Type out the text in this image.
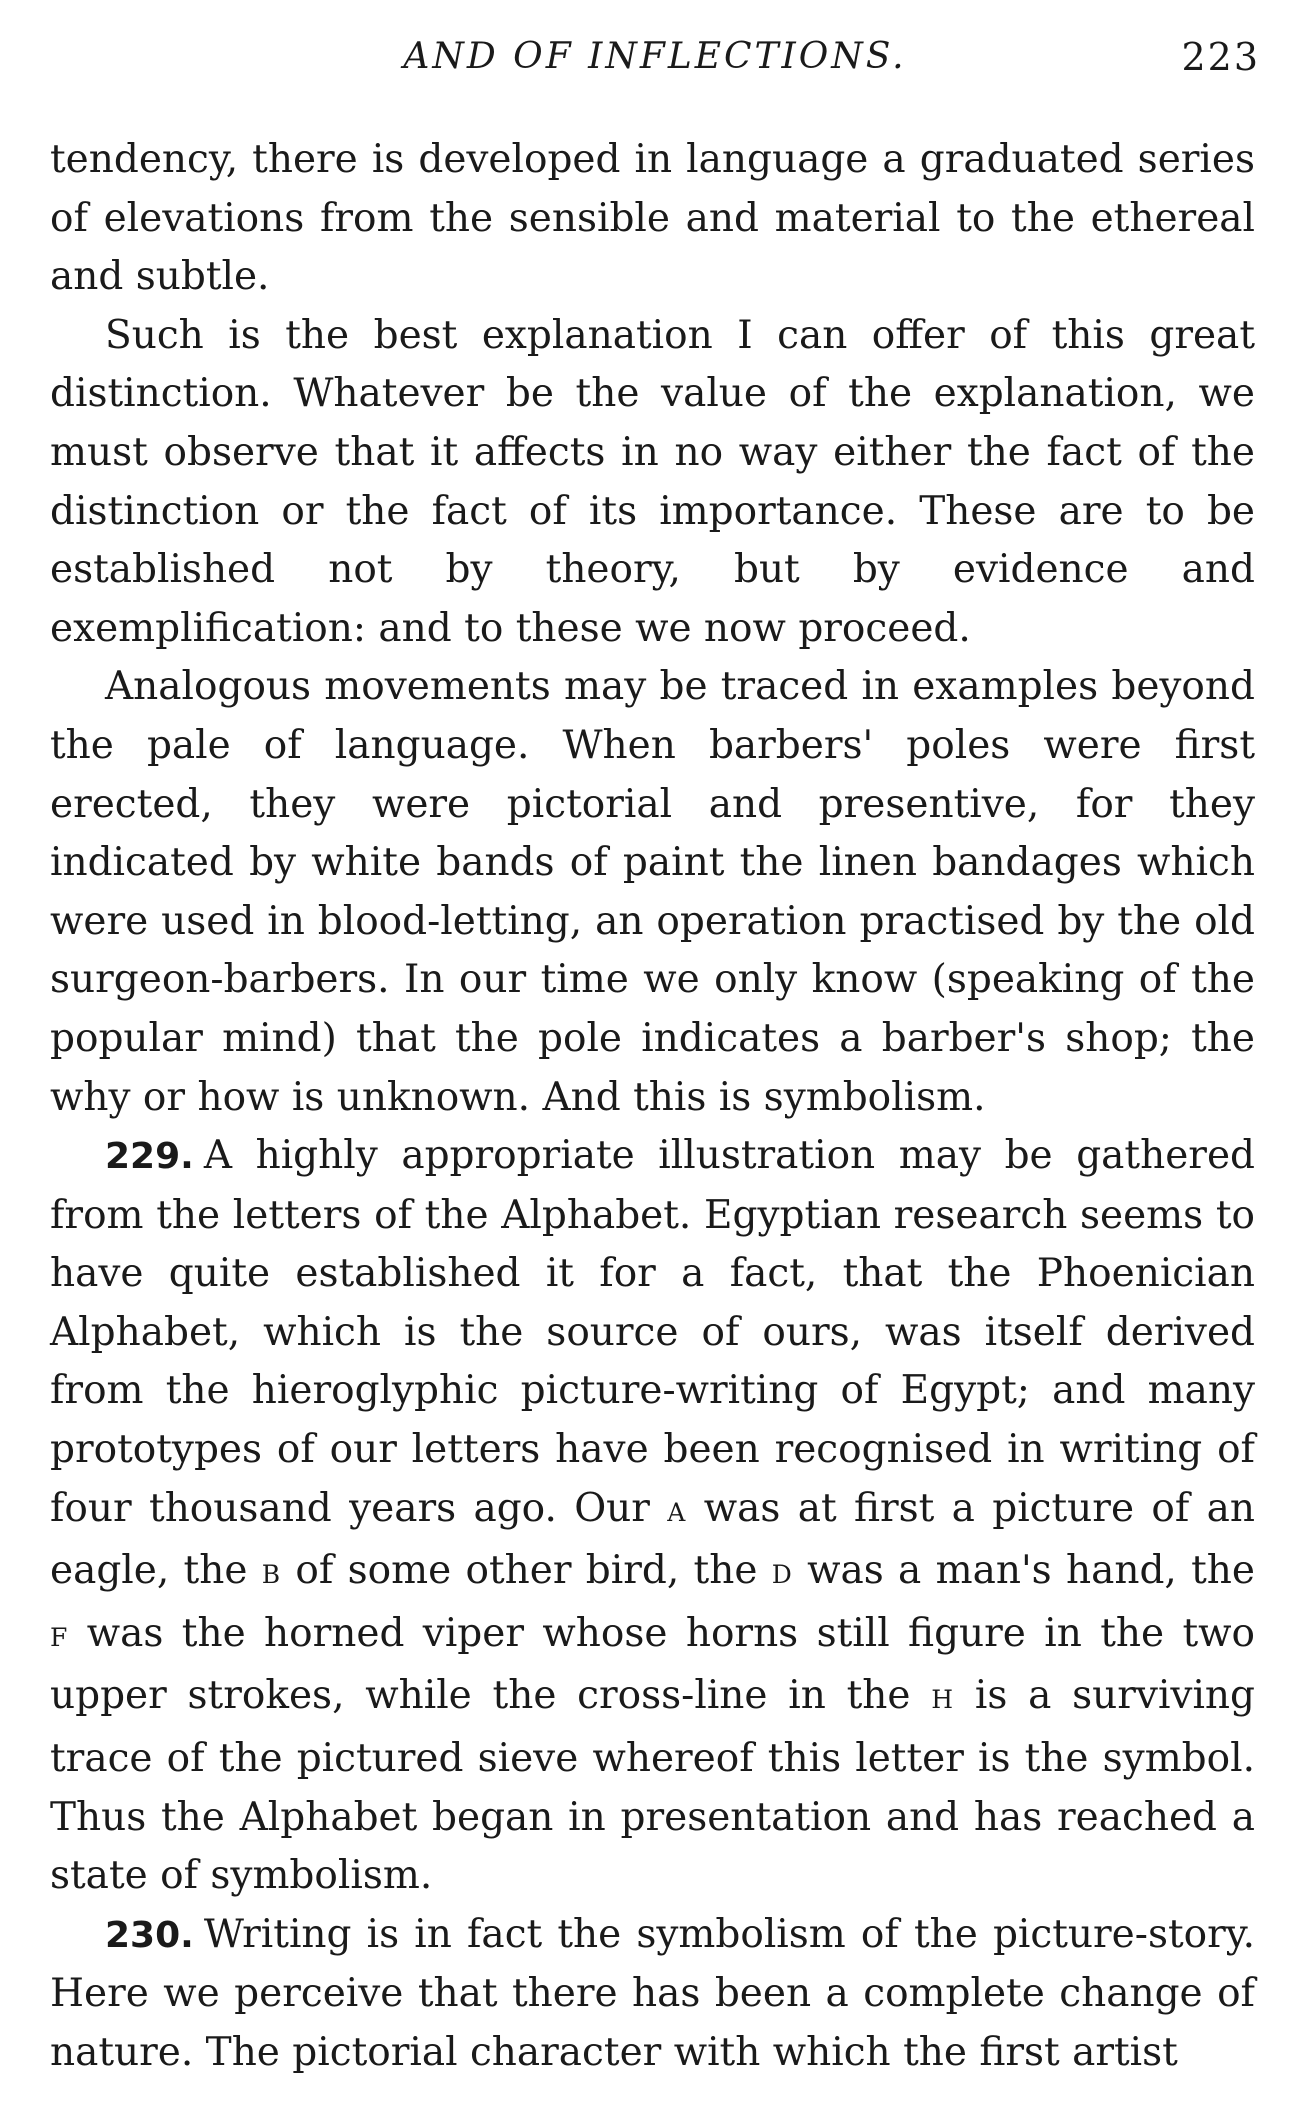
AND OF INFLECTIONS.	223

tendency, there is developed in language a graduated series of elevations from the sensible and material to the ethereal and subtle.

Such is the best explanation I can offer of this great distinction. Whatever be the value of the explanation, we must observe that it affects in no way either the fact of the distinction or the fact of its importance. These are to be established not by theory, but by evidence and exemplification: and to these we now proceed.

Analogous movements may be traced in examples beyond the pale of language. When barbers' poles were first erected, they were pictorial and presentive, for they indicated by white bands of paint the linen bandages which were used in blood-letting, an operation practised by the old surgeon-barbers. In our time we only know (speaking of the popular mind) that the pole indicates a barber's shop; the why or how is unknown. And this is symbolism.

229. A highly appropriate illustration may be gathered from the letters of the Alphabet. Egyptian research seems to have quite established it for a fact, that the Phoenician Alphabet, which is the source of ours, was itself derived from the hieroglyphic picture-writing of Egypt; and many prototypes of our letters have been recognised in writing of four thousand years ago. Our A was at first a picture of an eagle, the B of some other bird, the D was a man's hand, the F was the horned viper whose horns still figure in the two upper strokes, while the cross-line in the H is a surviving trace of the pictured sieve whereof this letter is the symbol. Thus the Alphabet began in presentation and has reached a state of symbolism.

230. Writing is in fact the symbolism of the picture-story. Here we perceive that there has been a complete change of nature. The pictorial character with which the first artist
